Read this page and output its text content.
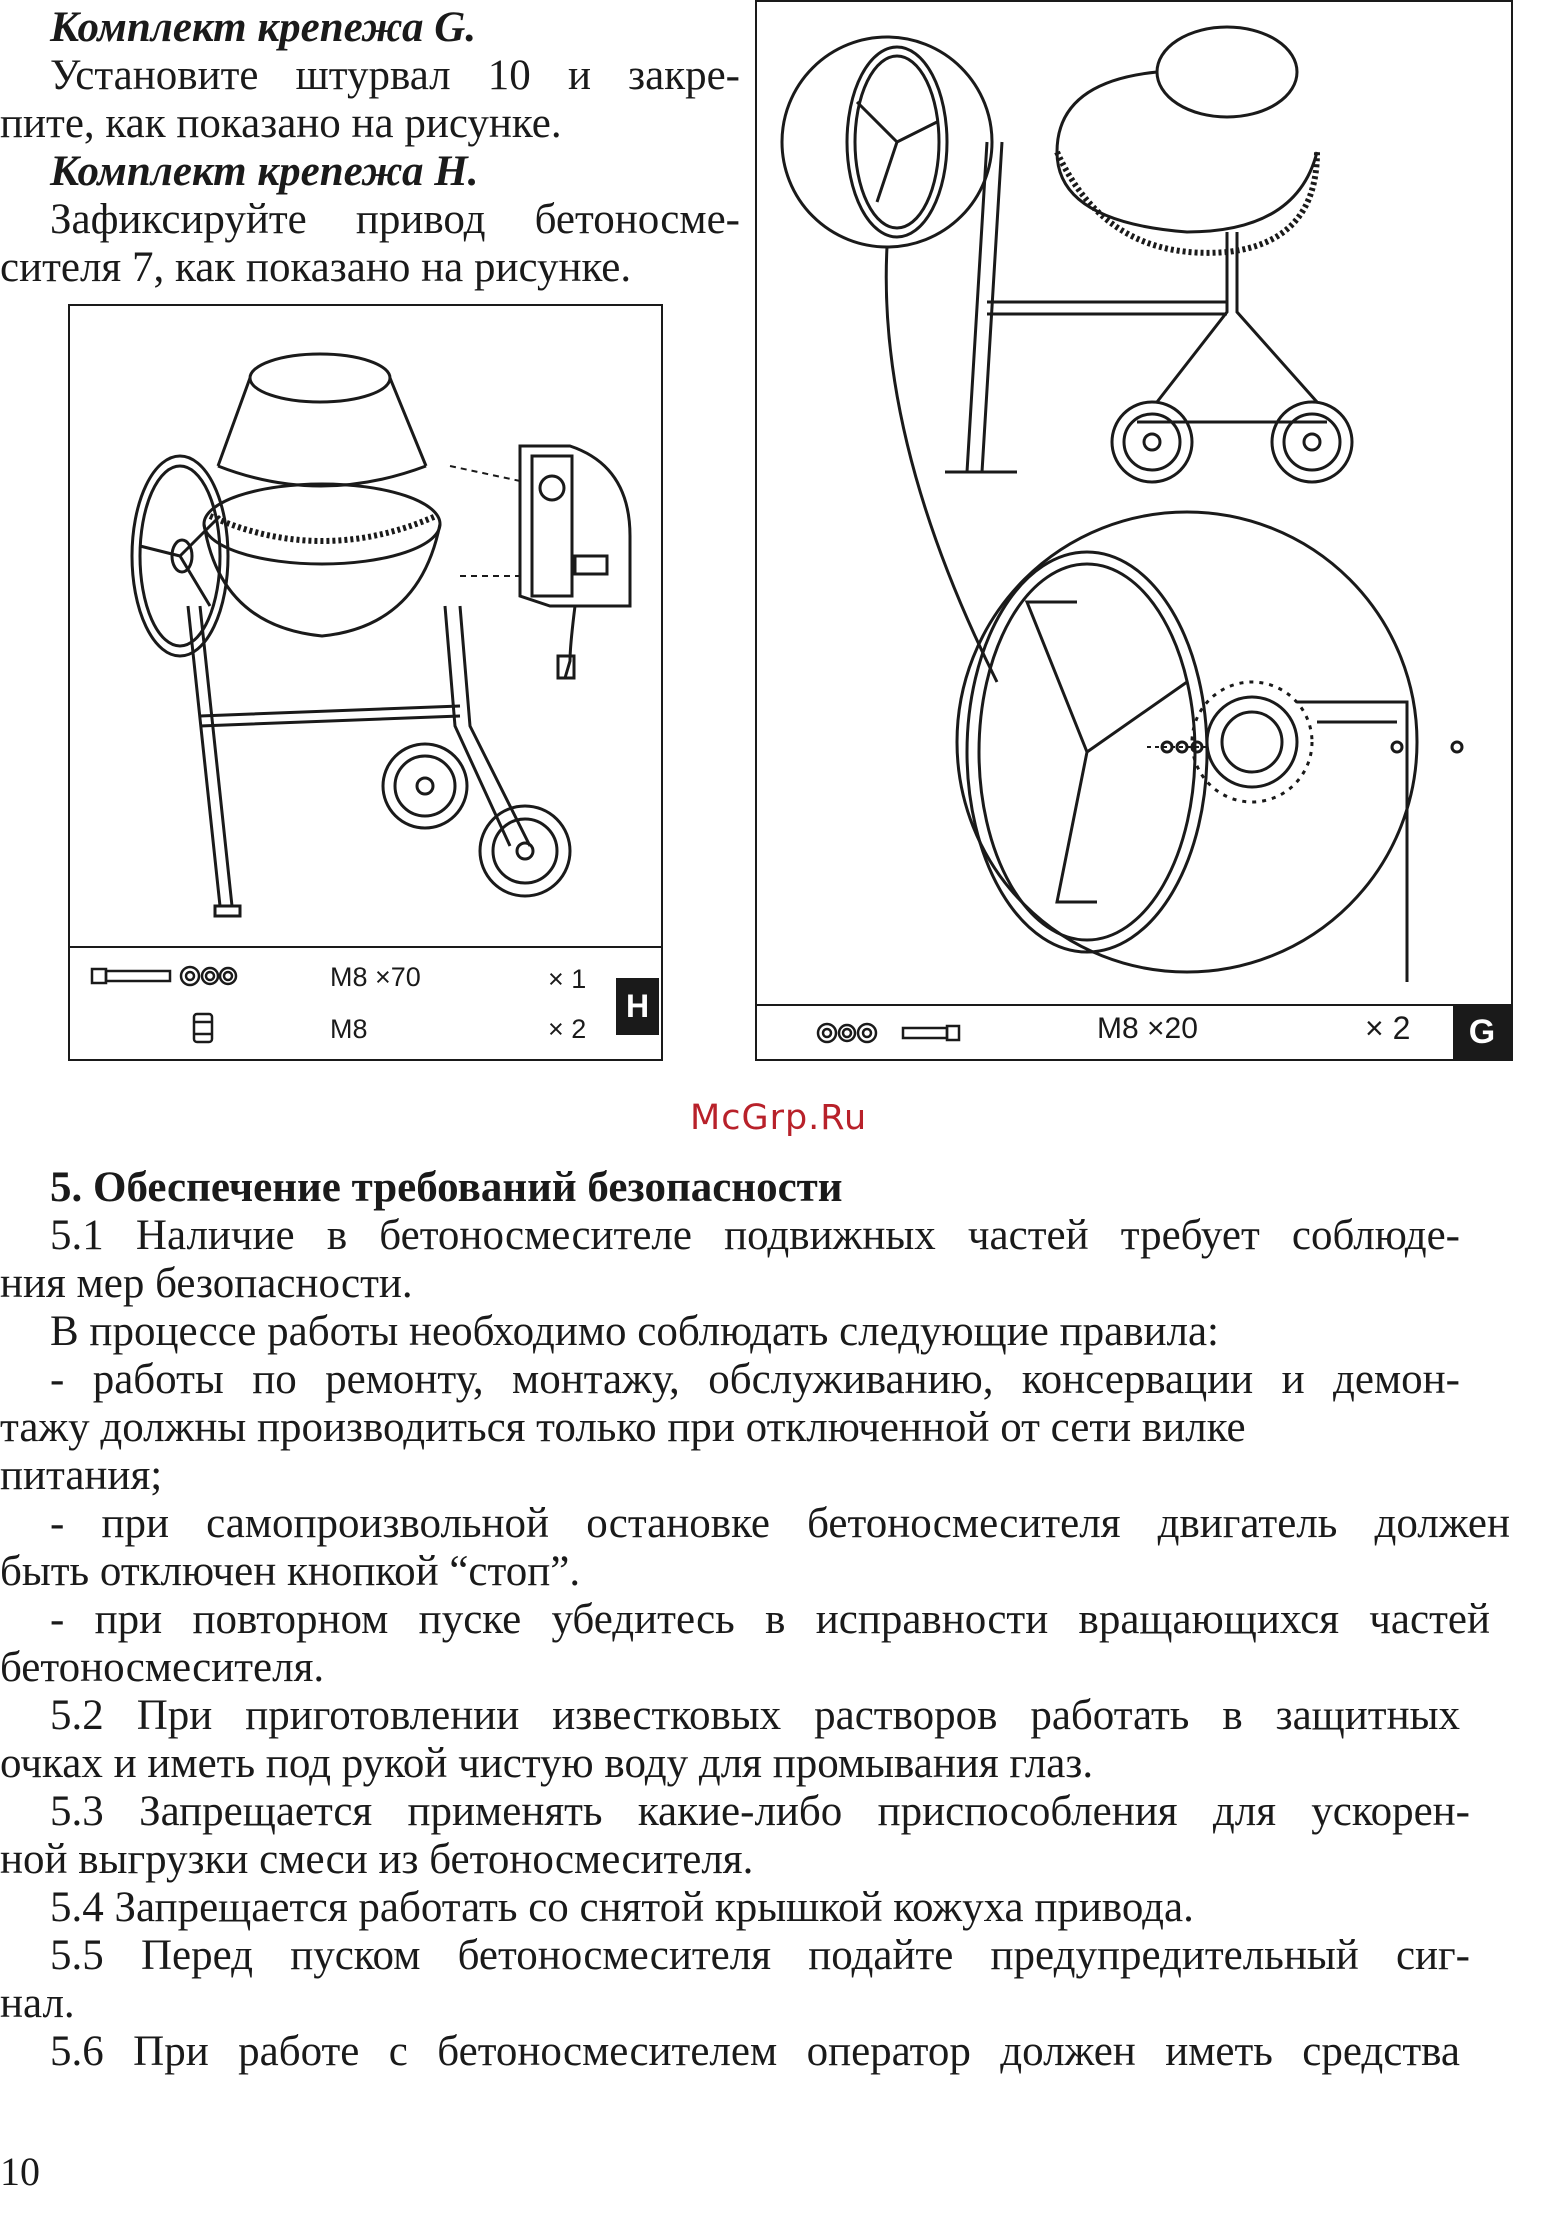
Комплект крепежа G.
Установите штурвал 10 и закре-
пите, как показано на рисунке.
Комплект крепежа H.
Зафиксируйте привод бетоносме-
сителя 7, как показано на рисунке.
M8 ×70	× 1
M8	× 2
H
M8 ×20	× 2	G
McGrp.Ru
5. Обеспечение требований безопасности
5.1 Наличие в бетоносмесителе подвижных частей требует соблюде-
ния мер безопасности.
В процессе работы необходимо соблюдать следующие правила:
- работы по ремонту, монтажу, обслуживанию, консервации и демон-
тажу должны производиться только при отключенной от сети вилке
питания;
- при самопроизвольной остановке бетоносмесителя двигатель должен
быть отключен кнопкой “стоп”.
- при повторном пуске убедитесь в исправности вращающихся частей
бетоносмесителя.
5.2 При приготовлении известковых растворов работать в защитных
очках и иметь под рукой чистую воду для промывания глаз.
5.3 Запрещается применять какие-либо приспособления для ускорен-
ной выгрузки смеси из бетоносмесителя.
5.4 Запрещается работать со снятой крышкой кожуха привода.
5.5 Перед пуском бетоносмесителя подайте предупредительный сиг-
нал.
5.6 При работе с бетоносмесителем оператор должен иметь средства
10
